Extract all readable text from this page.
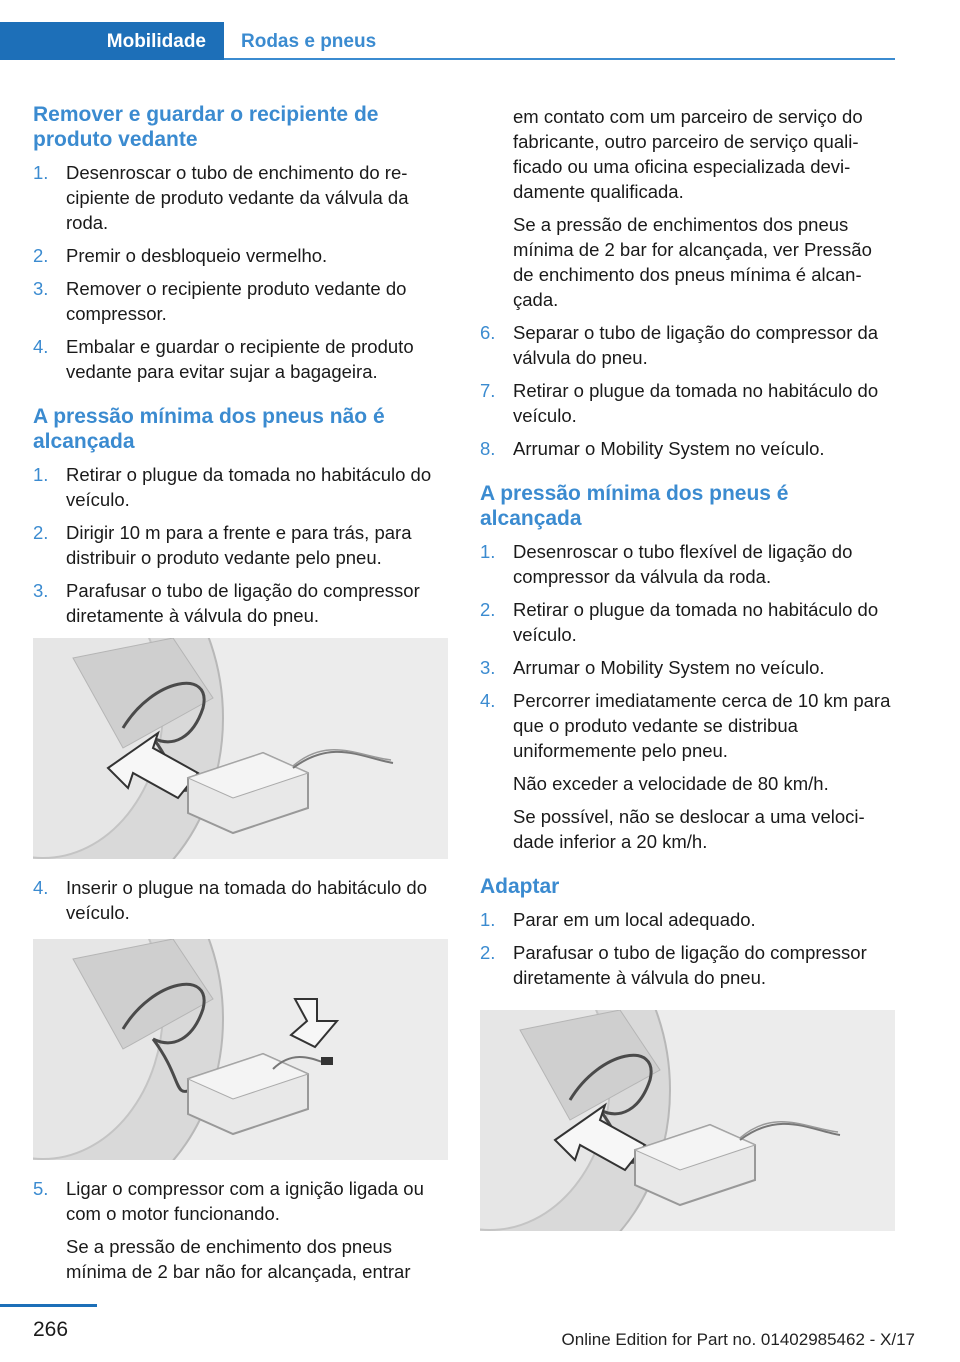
Mobilidade	Rodas e pneus
Remover e guardar o recipiente de produto vedante
1. Desenroscar o tubo de enchimento do recipiente de produto vedante da válvula da roda.
2. Premir o desbloqueio vermelho.
3. Remover o recipiente produto vedante do compressor.
4. Embalar e guardar o recipiente de produto vedante para evitar sujar a bagageira.
A pressão mínima dos pneus não é alcançada
1. Retirar o plugue da tomada no habitáculo do veículo.
2. Dirigir 10 m para a frente e para trás, para distribuir o produto vedante pelo pneu.
3. Parafusar o tubo de ligação do compressor diretamente à válvula do pneu.
4. Inserir o plugue na tomada do habitáculo do veículo.
5. Ligar o compressor com a ignição ligada ou com o motor funcionando.
Se a pressão de enchimento dos pneus mínima de 2 bar não for alcançada, entrar
em contato com um parceiro de serviço do fabricante, outro parceiro de serviço qualificado ou uma oficina especializada devidamente qualificada.
Se a pressão de enchimentos dos pneus mínima de 2 bar for alcançada, ver Pressão de enchimento dos pneus mínima é alcançada.
6. Separar o tubo de ligação do compressor da válvula do pneu.
7. Retirar o plugue da tomada no habitáculo do veículo.
8. Arrumar o Mobility System no veículo.
A pressão mínima dos pneus é alcançada
1. Desenroscar o tubo flexível de ligação do compressor da válvula da roda.
2. Retirar o plugue da tomada no habitáculo do veículo.
3. Arrumar o Mobility System no veículo.
4. Percorrer imediatamente cerca de 10 km para que o produto vedante se distribua uniformemente pelo pneu.
Não exceder a velocidade de 80 km/h.
Se possível, não se deslocar a uma velocidade inferior a 20 km/h.
Adaptar
1. Parar em um local adequado.
2. Parafusar o tubo de ligação do compressor diretamente à válvula do pneu.
266	Online Edition for Part no. 01402985462 - X/17
